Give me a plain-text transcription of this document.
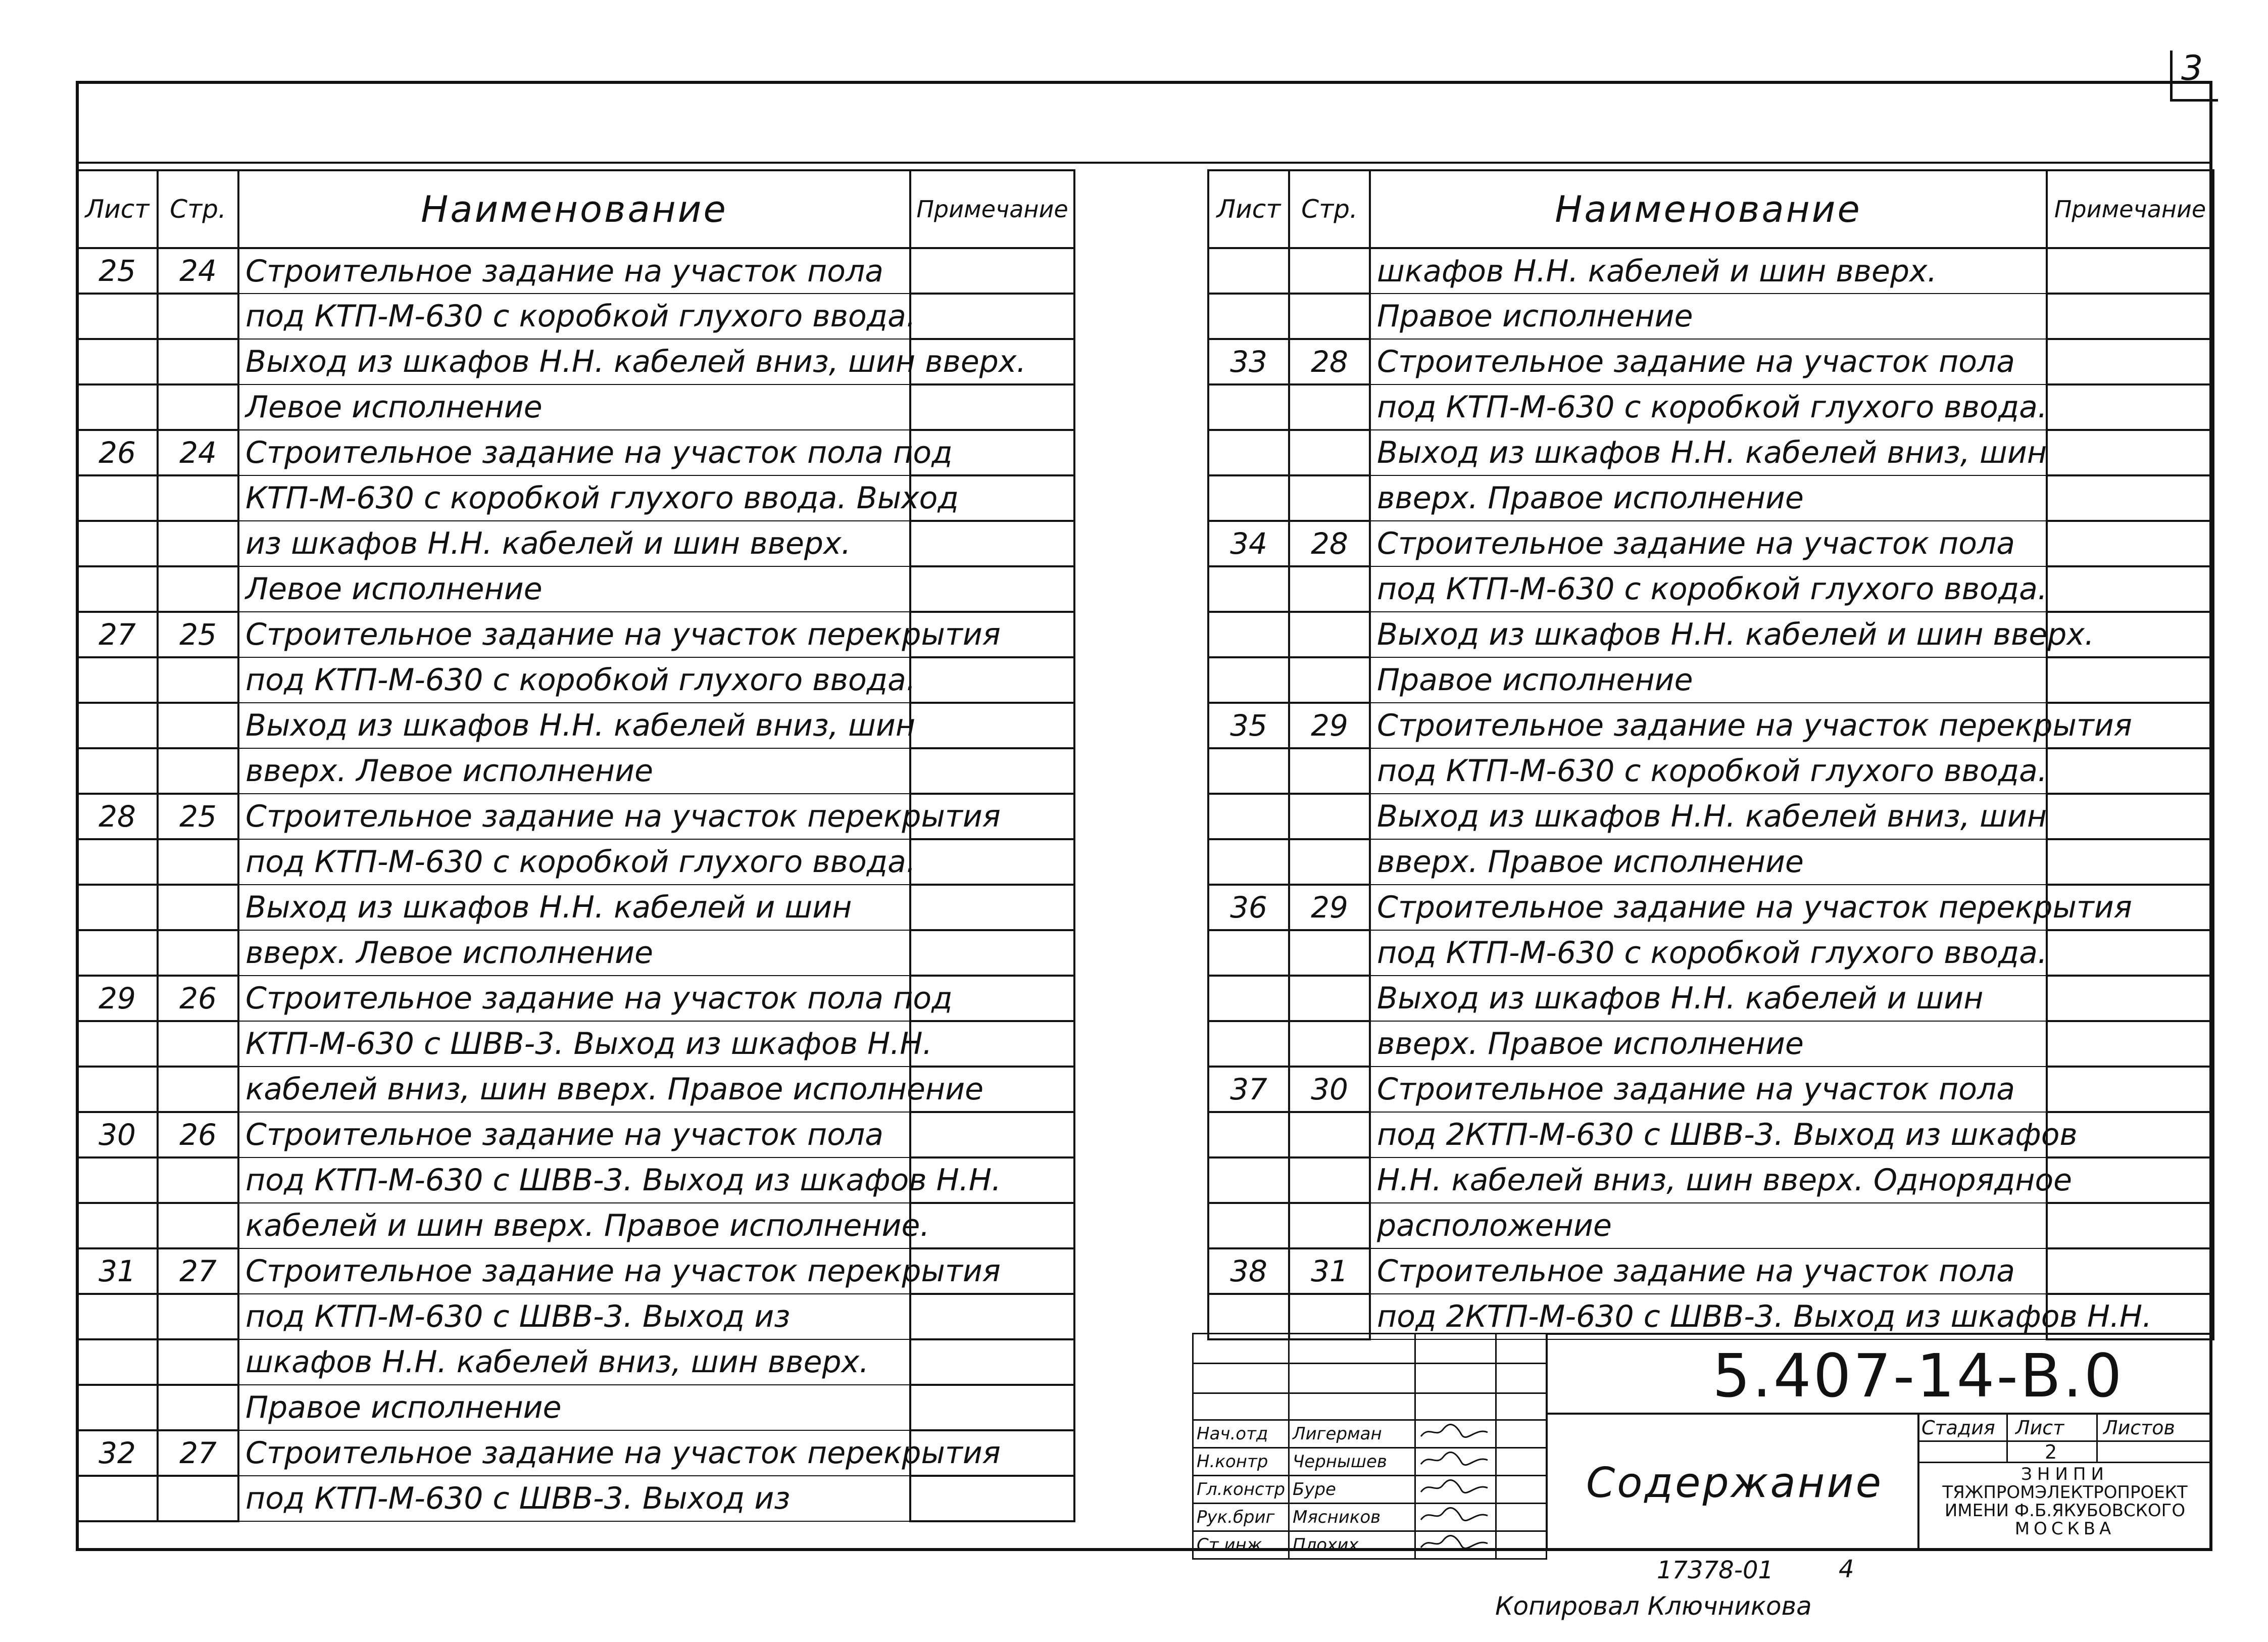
3
Лист	Стр.	Наименование	Примечание
25	24	Строительное задание на участок пола	
		под КТП-М-630 с коробкой глухого ввода.	
		Выход из шкафов Н.Н. кабелей вниз, шин вверх.	
		Левое исполнение	
26	24	Строительное задание на участок пола под	
		КТП-М-630 с коробкой глухого ввода. Выход	
		из шкафов Н.Н. кабелей и шин вверх.	
		Левое исполнение	
27	25	Строительное задание на участок перекрытия	
		под КТП-М-630 с коробкой глухого ввода.	
		Выход из шкафов Н.Н. кабелей вниз, шин	
		вверх. Левое исполнение	
28	25	Строительное задание на участок перекрытия	
		под КТП-М-630 с коробкой глухого ввода.	
		Выход из шкафов Н.Н. кабелей и шин	
		вверх. Левое исполнение	
29	26	Строительное задание на участок пола под	
		КТП-М-630 с ШВВ-3. Выход из шкафов Н.Н.	
		кабелей вниз, шин вверх. Правое исполнение	
30	26	Строительное задание на участок пола	
		под КТП-М-630 с ШВВ-3. Выход из шкафов Н.Н.	
		кабелей и шин вверх. Правое исполнение.	
31	27	Строительное задание на участок перекрытия	
		под КТП-М-630 с ШВВ-3. Выход из	
		шкафов Н.Н. кабелей вниз, шин вверх.	
		Правое исполнение	
32	27	Строительное задание на участок перекрытия	
		под КТП-М-630 с ШВВ-3. Выход из	
Лист	Стр.	Наименование	Примечание
		шкафов Н.Н. кабелей и шин вверх.	
		Правое исполнение	
33	28	Строительное задание на участок пола	
		под КТП-М-630 с коробкой глухого ввода.	
		Выход из шкафов Н.Н. кабелей вниз, шин	
		вверх. Правое исполнение	
34	28	Строительное задание на участок пола	
		под КТП-М-630 с коробкой глухого ввода.	
		Выход из шкафов Н.Н. кабелей и шин вверх.	
		Правое исполнение	
35	29	Строительное задание на участок перекрытия	
		под КТП-М-630 с коробкой глухого ввода.	
		Выход из шкафов Н.Н. кабелей вниз, шин	
		вверх. Правое исполнение	
36	29	Строительное задание на участок перекрытия	
		под КТП-М-630 с коробкой глухого ввода.	
		Выход из шкафов Н.Н. кабелей и шин	
		вверх. Правое исполнение	
37	30	Строительное задание на участок пола	
		под 2КТП-М-630 с ШВВ-3. Выход из шкафов	
		Н.Н. кабелей вниз, шин вверх. Однорядное	
		расположение	
38	31	Строительное задание на участок пола	
		под 2КТП-М-630 с ШВВ-3. Выход из шкафов Н.Н.	

Нач.отд	Лигерман		
Н.контр	Чернышев		
Гл.констр	Буре		
Рук.бриг	Мясников		
Ст.инж	Плохих		
5.407-14-В.0
Содержание
Стадия Лист Листов
2
ЗНИПИ
ТЯЖПРОМЭЛЕКТРОПРОЕКТ
ИМЕНИ Ф.Б.ЯКУБОВСКОГО
МОСКВА
17378-01	4
Копировал Ключникова
